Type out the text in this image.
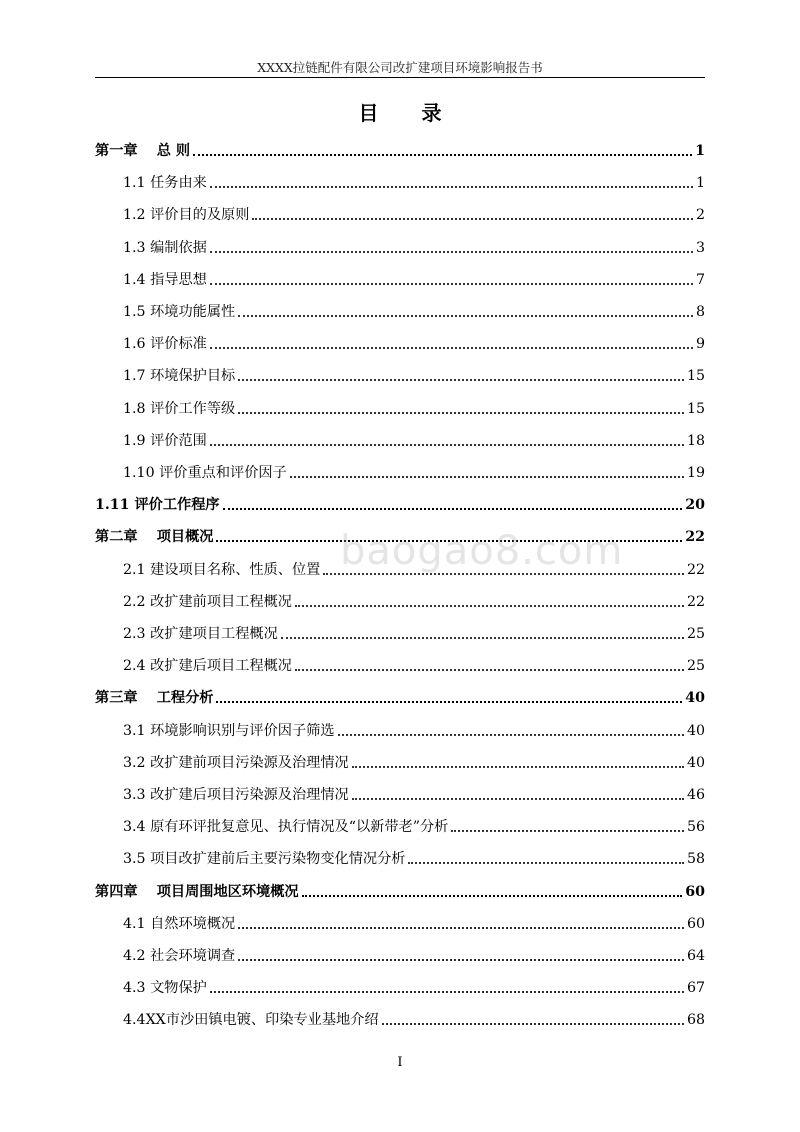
XXXX拉链配件有限公司改扩建项目环境影响报告书
目 录
第一章　 总 则	1
1.1 任务由来	1
1.2 评价目的及原则	2
1.3 编制依据	3
1.4 指导思想	7
1.5 环境功能属性	8
1.6 评价标准	9
1.7 环境保护目标	15
1.8 评价工作等级	15
1.9 评价范围	18
1.10 评价重点和评价因子	19
1.11 评价工作程序	20
第二章　 项目概况	22
2.1 建设项目名称、性质、位置	22
2.2 改扩建前项目工程概况	22
2.3 改扩建项目工程概况	25
2.4 改扩建后项目工程概况	25
第三章　 工程分析	40
3.1 环境影响识别与评价因子筛选	40
3.2 改扩建前项目污染源及治理情况	40
3.3 改扩建后项目污染源及治理情况	46
3.4 原有环评批复意见、执行情况及“以新带老”分析	56
3.5 项目改扩建前后主要污染物变化情况分析	58
第四章　 项目周围地区环境概况	60
4.1 自然环境概况	60
4.2 社会环境调查	64
4.3 文物保护	67
4.4XX市沙田镇电镀、印染专业基地介绍	68
baogao8.com
I
